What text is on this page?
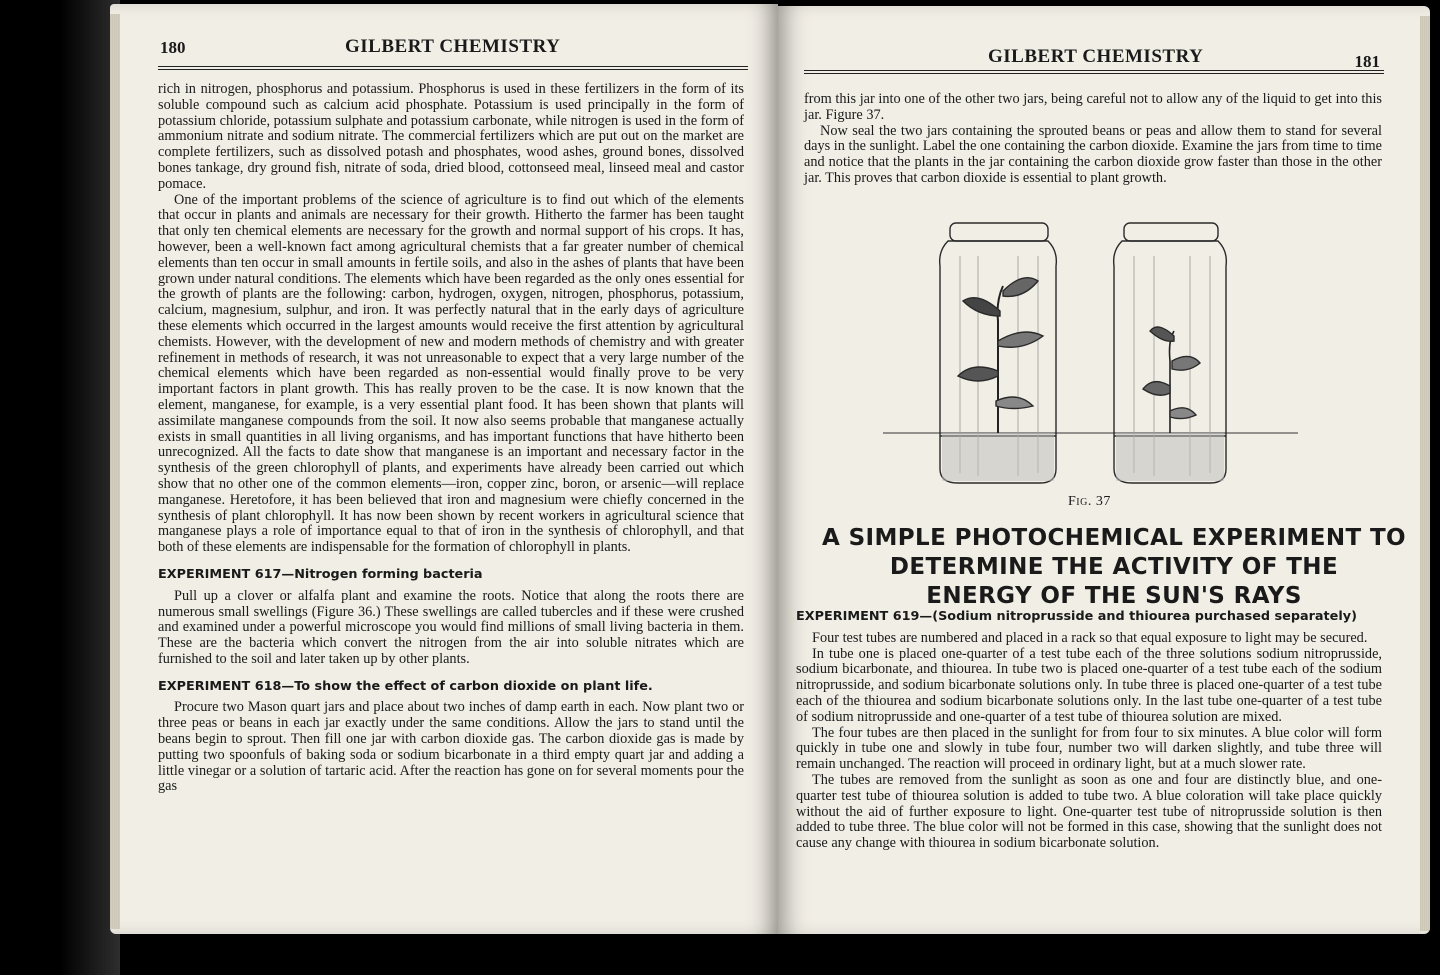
180	GILBERT CHEMISTRY

rich in nitrogen, phosphorus and potassium. Phosphorus is used in these fertilizers in the form of its soluble compound such as calcium acid phosphate. Potassium is used principally in the form of potassium chloride, potassium sulphate and potassium carbonate, while nitrogen is used in the form of ammonium nitrate and sodium nitrate. The commercial fertilizers which are put out on the market are complete fertilizers, such as dissolved potash and phosphates, wood ashes, ground bones, dissolved bones tankage, dry ground fish, nitrate of soda, dried blood, cottonseed meal, linseed meal and castor pomace.

One of the important problems of the science of agriculture is to find out which of the elements that occur in plants and animals are necessary for their growth. Hitherto the farmer has been taught that only ten chemical elements are necessary for the growth and normal support of his crops. It has, however, been a well-known fact among agricultural chemists that a far greater number of chemical elements than ten occur in small amounts in fertile soils, and also in the ashes of plants that have been grown under natural conditions. The elements which have been regarded as the only ones essential for the growth of plants are the following: carbon, hydrogen, oxygen, nitrogen, phosphorus, potassium, calcium, magnesium, sulphur, and iron. It was perfectly natural that in the early days of agriculture these elements which occurred in the largest amounts would receive the first attention by agricultural chemists. However, with the development of new and modern methods of chemistry and with greater refinement in methods of research, it was not unreasonable to expect that a very large number of the chemical elements which have been regarded as non-essential would finally prove to be very important factors in plant growth. This has really proven to be the case. It is now known that the element, manganese, for example, is a very essential plant food. It has been shown that plants will assimilate manganese compounds from the soil. It now also seems probable that manganese actually exists in small quantities in all living organisms, and has important functions that have hitherto been unrecognized. All the facts to date show that manganese is an important and necessary factor in the synthesis of the green chlorophyll of plants, and experiments have already been carried out which show that no other one of the common elements—iron, copper zinc, boron, or arsenic—will replace manganese. Heretofore, it has been believed that iron and magnesium were chiefly concerned in the synthesis of plant chlorophyll. It has now been shown by recent workers in agricultural science that manganese plays a role of importance equal to that of iron in the synthesis of chlorophyll, and that both of these elements are indispensable for the formation of chlorophyll in plants.

EXPERIMENT 617—Nitrogen forming bacteria

Pull up a clover or alfalfa plant and examine the roots. Notice that along the roots there are numerous small swellings (Figure 36.) These swellings are called tubercles and if these were crushed and examined under a powerful microscope you would find millions of small living bacteria in them. These are the bacteria which convert the nitrogen from the air into soluble nitrates which are furnished to the soil and later taken up by other plants.

EXPERIMENT 618—To show the effect of carbon dioxide on plant life.

Procure two Mason quart jars and place about two inches of damp earth in each. Now plant two or three peas or beans in each jar exactly under the same conditions. Allow the jars to stand until the beans begin to sprout. Then fill one jar with carbon dioxide gas. The carbon dioxide gas is made by putting two spoonfuls of baking soda or sodium bicarbonate in a third empty quart jar and adding a little vinegar or a solution of tartaric acid. After the reaction has gone on for several moments pour the gas

GILBERT CHEMISTRY	181

from this jar into one of the other two jars, being careful not to allow any of the liquid to get into this jar. Figure 37.

Now seal the two jars containing the sprouted beans or peas and allow them to stand for several days in the sunlight. Label the one containing the carbon dioxide. Examine the jars from time to time and notice that the plants in the jar containing the carbon dioxide grow faster than those in the other jar. This proves that carbon dioxide is essential to plant growth.

Fig. 37
A SIMPLE PHOTOCHEMICAL EXPERIMENT TO
DETERMINE THE ACTIVITY OF THE
ENERGY OF THE SUN'S RAYS
EXPERIMENT 619—(Sodium nitroprusside and thiourea purchased separately)

Four test tubes are numbered and placed in a rack so that equal exposure to light may be secured.

In tube one is placed one-quarter of a test tube each of the three solutions sodium nitroprusside, sodium bicarbonate, and thiourea. In tube two is placed one-quarter of a test tube each of the sodium nitroprusside, and sodium bicarbonate solutions only. In tube three is placed one-quarter of a test tube each of the thiourea and sodium bicarbonate solutions only. In the last tube one-quarter of a test tube of sodium nitroprusside and one-quarter of a test tube of thiourea solution are mixed.

The four tubes are then placed in the sunlight for from four to six minutes. A blue color will form quickly in tube one and slowly in tube four, number two will darken slightly, and tube three will remain unchanged. The reaction will proceed in ordinary light, but at a much slower rate.

The tubes are removed from the sunlight as soon as one and four are distinctly blue, and one-quarter test tube of thiourea solution is added to tube two. A blue coloration will take place quickly without the aid of further exposure to light. One-quarter test tube of nitroprusside solution is then added to tube three. The blue color will not be formed in this case, showing that the sunlight does not cause any change with thiourea in sodium bicarbonate solution.
